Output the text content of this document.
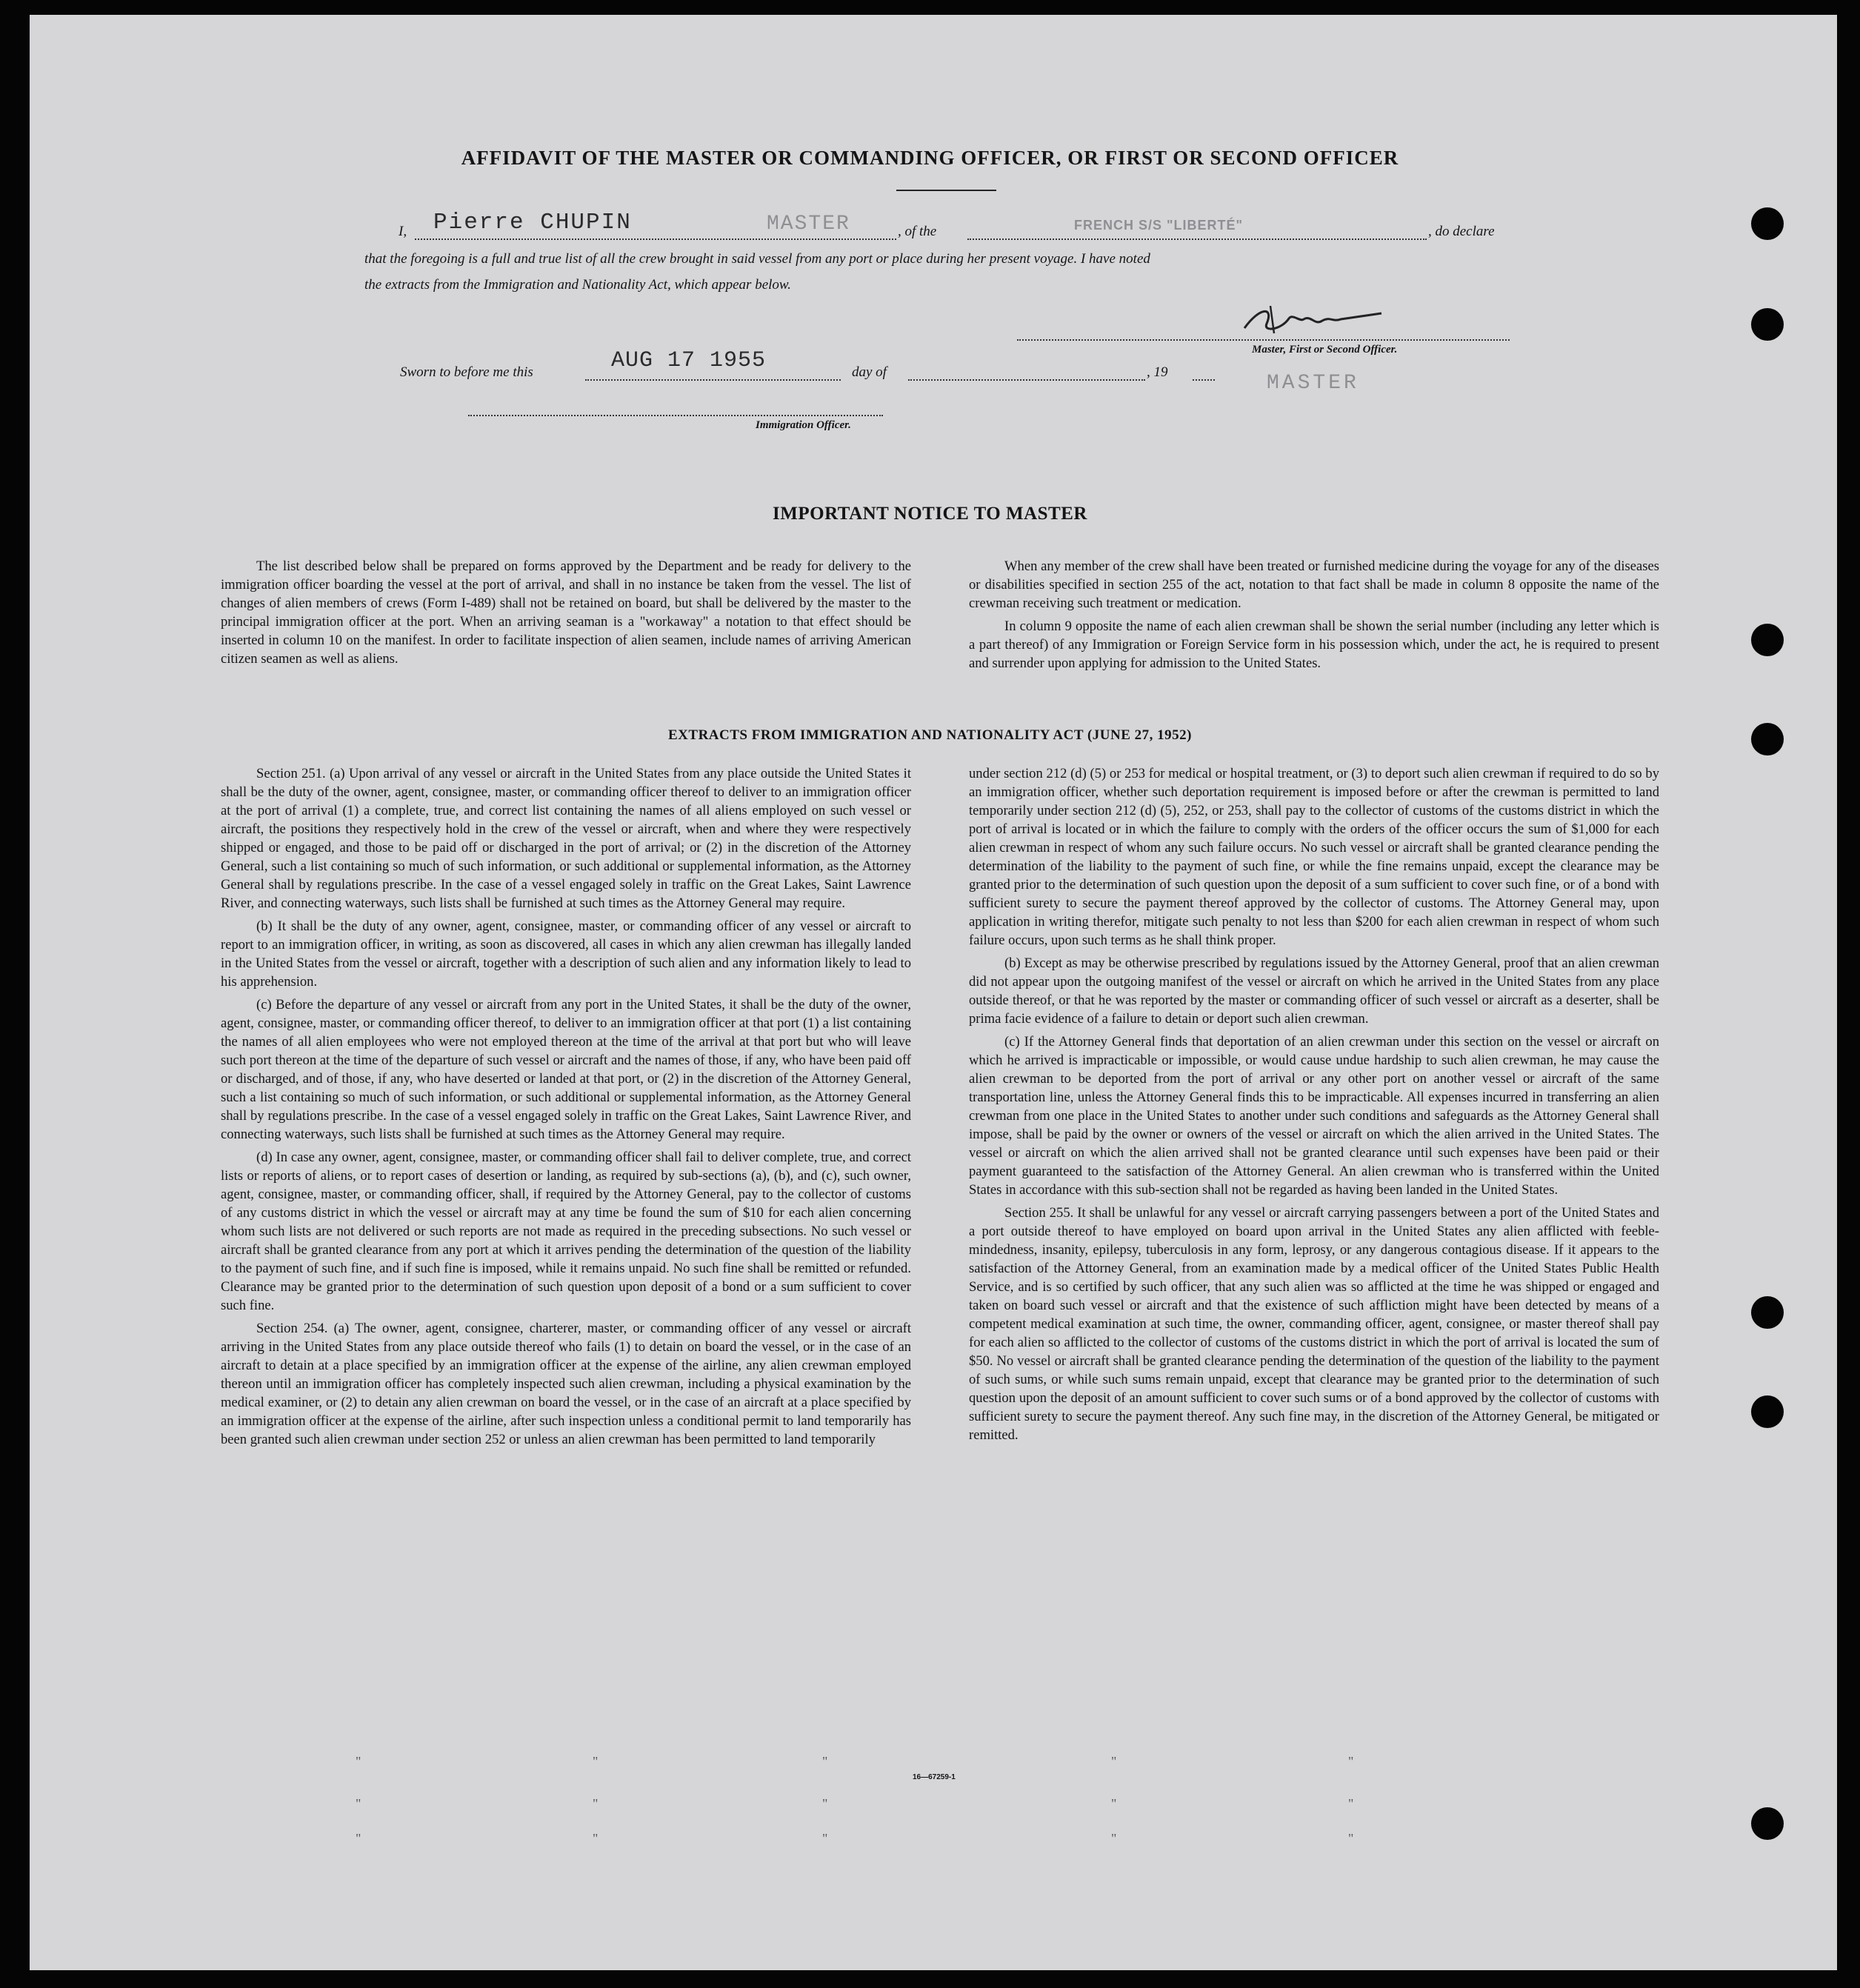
AFFIDAVIT OF THE MASTER OR COMMANDING OFFICER, OR FIRST OR SECOND OFFICER
I, Pierre CHUPIN	MASTER	, of the	FRENCH S/S "LIBERTÉ"	, do declare
that the foregoing is a full and true list of all the crew brought in said vessel from any port or place during her present voyage. I have noted
the extracts from the Immigration and Nationality Act, which appear below.
Master, First or Second Officer.
Sworn to before me this	AUG 17 1955	day of	, 19	MASTER
Immigration Officer.
IMPORTANT NOTICE TO MASTER

The list described below shall be prepared on forms approved by the Department and be ready for delivery to the immigration officer boarding the vessel at the port of arrival, and shall in no instance be taken from the vessel. The list of changes of alien members of crews (Form I-489) shall not be retained on board, but shall be delivered by the master to the principal immigration officer at the port. When an arriving seaman is a "workaway" a notation to that effect should be inserted in column 10 on the manifest. In order to facilitate inspection of alien seamen, include names of arriving American citizen seamen as well as aliens.

When any member of the crew shall have been treated or furnished medicine during the voyage for any of the diseases or disabilities specified in section 255 of the act, notation to that fact shall be made in column 8 opposite the name of the crewman receiving such treatment or medication.

In column 9 opposite the name of each alien crewman shall be shown the serial number (including any letter which is a part thereof) of any Immigration or Foreign Service form in his possession which, under the act, he is required to present and surrender upon applying for admission to the United States.

EXTRACTS FROM IMMIGRATION AND NATIONALITY ACT (JUNE 27, 1952)

Section 251. (a) Upon arrival of any vessel or aircraft in the United States from any place outside the United States it shall be the duty of the owner, agent, consignee, master, or commanding officer thereof to deliver to an immigration officer at the port of arrival (1) a complete, true, and correct list containing the names of all aliens employed on such vessel or aircraft, the positions they respectively hold in the crew of the vessel or aircraft, when and where they were respectively shipped or engaged, and those to be paid off or discharged in the port of arrival; or (2) in the discretion of the Attorney General, such a list containing so much of such information, or such additional or supplemental information, as the Attorney General shall by regulations prescribe. In the case of a vessel engaged solely in traffic on the Great Lakes, Saint Lawrence River, and connecting waterways, such lists shall be furnished at such times as the Attorney General may require.

(b) It shall be the duty of any owner, agent, consignee, master, or commanding officer of any vessel or aircraft to report to an immigration officer, in writing, as soon as discovered, all cases in which any alien crewman has illegally landed in the United States from the vessel or aircraft, together with a description of such alien and any information likely to lead to his apprehension.

(c) Before the departure of any vessel or aircraft from any port in the United States, it shall be the duty of the owner, agent, consignee, master, or commanding officer thereof, to deliver to an immigration officer at that port (1) a list containing the names of all alien employees who were not employed thereon at the time of the arrival at that port but who will leave such port thereon at the time of the departure of such vessel or aircraft and the names of those, if any, who have been paid off or discharged, and of those, if any, who have deserted or landed at that port, or (2) in the discretion of the Attorney General, such a list containing so much of such information, or such additional or supplemental information, as the Attorney General shall by regulations prescribe. In the case of a vessel engaged solely in traffic on the Great Lakes, Saint Lawrence River, and connecting waterways, such lists shall be furnished at such times as the Attorney General may require.

(d) In case any owner, agent, consignee, master, or commanding officer shall fail to deliver complete, true, and correct lists or reports of aliens, or to report cases of desertion or landing, as required by sub-sections (a), (b), and (c), such owner, agent, consignee, master, or commanding officer, shall, if required by the Attorney General, pay to the collector of customs of any customs district in which the vessel or aircraft may at any time be found the sum of $10 for each alien concerning whom such lists are not delivered or such reports are not made as required in the preceding subsections. No such vessel or aircraft shall be granted clearance from any port at which it arrives pending the determination of the question of the liability to the payment of such fine, and if such fine is imposed, while it remains unpaid. No such fine shall be remitted or refunded. Clearance may be granted prior to the determination of such question upon deposit of a bond or a sum sufficient to cover such fine.

Section 254. (a) The owner, agent, consignee, charterer, master, or commanding officer of any vessel or aircraft arriving in the United States from any place outside thereof who fails (1) to detain on board the vessel, or in the case of an aircraft to detain at a place specified by an immigration officer at the expense of the airline, any alien crewman employed thereon until an immigration officer has completely inspected such alien crewman, including a physical examination by the medical examiner, or (2) to detain any alien crewman on board the vessel, or in the case of an aircraft at a place specified by an immigration officer at the expense of the airline, after such inspection unless a conditional permit to land temporarily has been granted such alien crewman under section 252 or unless an alien crewman has been permitted to land temporarily

under section 212 (d) (5) or 253 for medical or hospital treatment, or (3) to deport such alien crewman if required to do so by an immigration officer, whether such deportation requirement is imposed before or after the crewman is permitted to land temporarily under section 212 (d) (5), 252, or 253, shall pay to the collector of customs of the customs district in which the port of arrival is located or in which the failure to comply with the orders of the officer occurs the sum of $1,000 for each alien crewman in respect of whom any such failure occurs. No such vessel or aircraft shall be granted clearance pending the determination of the liability to the payment of such fine, or while the fine remains unpaid, except the clearance may be granted prior to the determination of such question upon the deposit of a sum sufficient to cover such fine, or of a bond with sufficient surety to secure the payment thereof approved by the collector of customs. The Attorney General may, upon application in writing therefor, mitigate such penalty to not less than $200 for each alien crewman in respect of whom such failure occurs, upon such terms as he shall think proper.

(b) Except as may be otherwise prescribed by regulations issued by the Attorney General, proof that an alien crewman did not appear upon the outgoing manifest of the vessel or aircraft on which he arrived in the United States from any place outside thereof, or that he was reported by the master or commanding officer of such vessel or aircraft as a deserter, shall be prima facie evidence of a failure to detain or deport such alien crewman.

(c) If the Attorney General finds that deportation of an alien crewman under this section on the vessel or aircraft on which he arrived is impracticable or impossible, or would cause undue hardship to such alien crewman, he may cause the alien crewman to be deported from the port of arrival or any other port on another vessel or aircraft of the same transportation line, unless the Attorney General finds this to be impracticable. All expenses incurred in transferring an alien crewman from one place in the United States to another under such conditions and safeguards as the Attorney General shall impose, shall be paid by the owner or owners of the vessel or aircraft on which the alien arrived in the United States. The vessel or aircraft on which the alien arrived shall not be granted clearance until such expenses have been paid or their payment guaranteed to the satisfaction of the Attorney General. An alien crewman who is transferred within the United States in accordance with this sub-section shall not be regarded as having been landed in the United States.

Section 255. It shall be unlawful for any vessel or aircraft carrying passengers between a port of the United States and a port outside thereof to have employed on board upon arrival in the United States any alien afflicted with feeble-mindedness, insanity, epilepsy, tuberculosis in any form, leprosy, or any dangerous contagious disease. If it appears to the satisfaction of the Attorney General, from an examination made by a medical officer of the United States Public Health Service, and is so certified by such officer, that any such alien was so afflicted at the time he was shipped or engaged and taken on board such vessel or aircraft and that the existence of such affliction might have been detected by means of a competent medical examination at such time, the owner, commanding officer, agent, consignee, or master thereof shall pay for each alien so afflicted to the collector of customs of the customs district in which the port of arrival is located the sum of $50. No vessel or aircraft shall be granted clearance pending the determination of the question of the liability to the payment of such sums, or while such sums remain unpaid, except that clearance may be granted prior to the determination of such question upon the deposit of an amount sufficient to cover such sums or of a bond approved by the collector of customs with sufficient surety to secure the payment thereof. Any such fine may, in the discretion of the Attorney General, be mitigated or remitted.

16—67259-1
"	"	"	"	"
"	"	"	"	"
"	"	"	"	"
